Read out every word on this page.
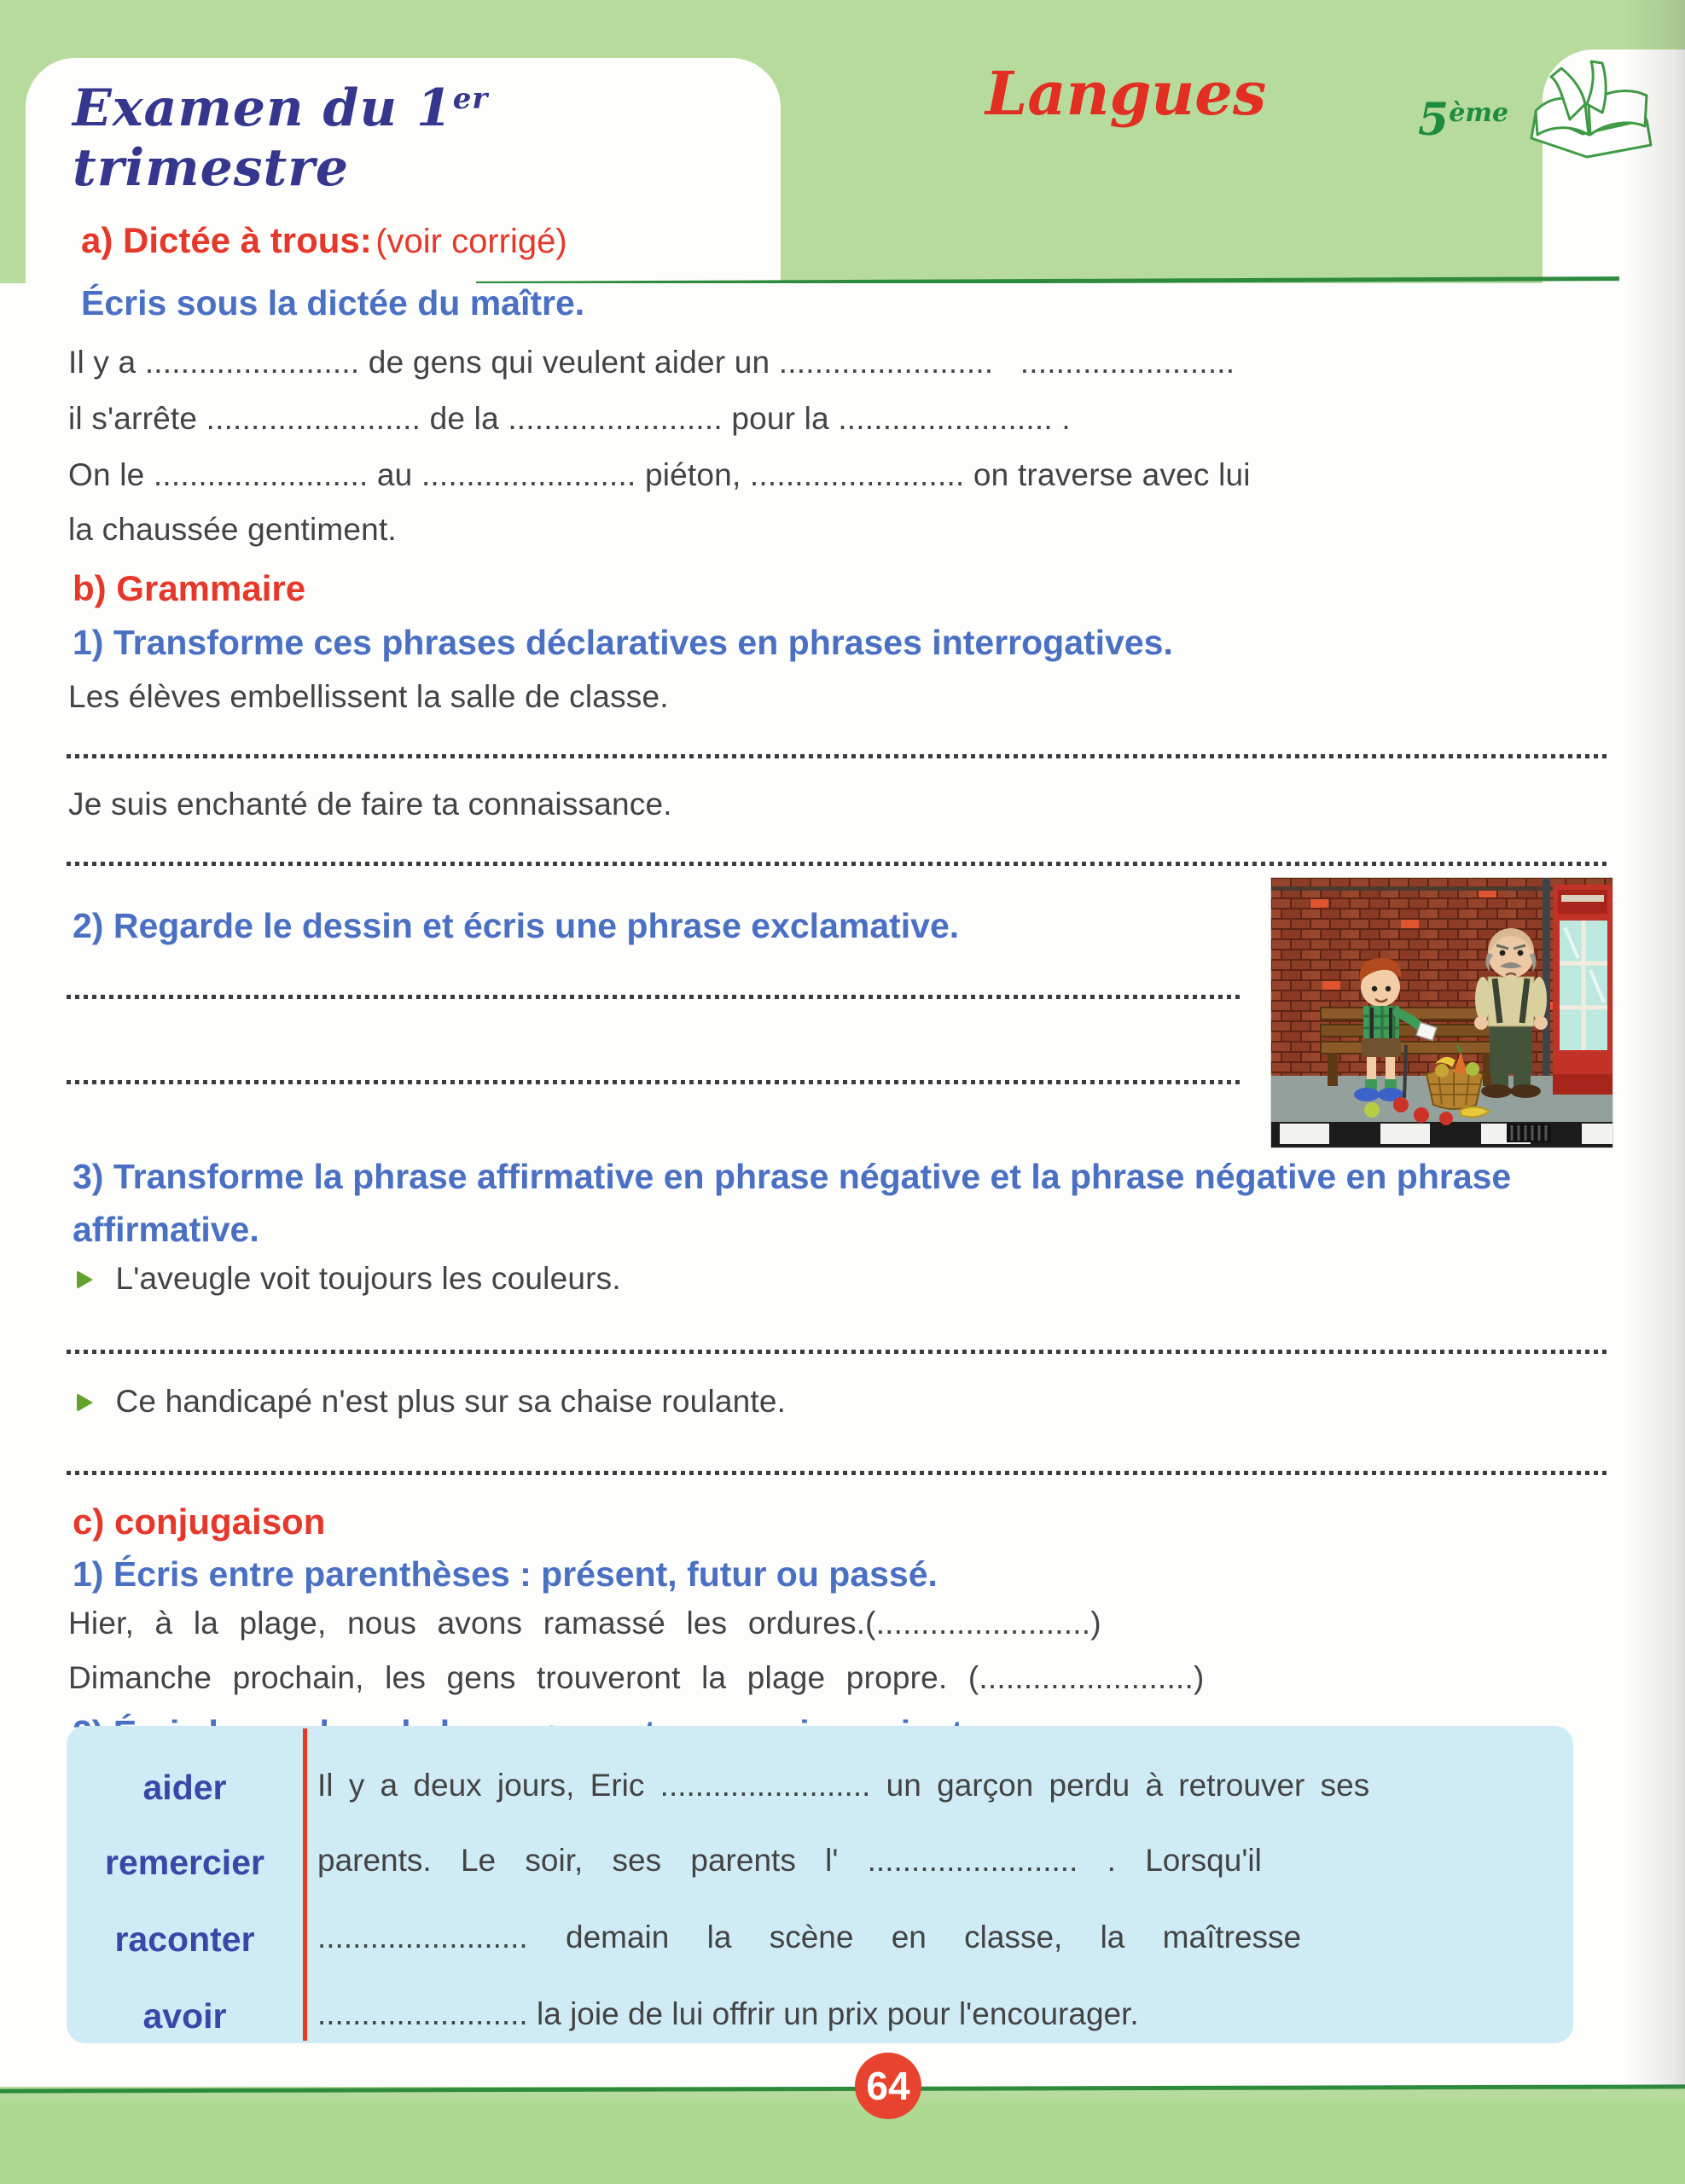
Examen du 1er trimestre
Langues	5ème
a) Dictée à trous: (voir corrigé)
Écris sous la dictée du maître.
Il y a ........................ de gens qui veulent aider un ........................   ........................
il s'arrête ........................ de la ........................ pour la ........................ .
On le ........................ au ........................ piéton, ........................ on traverse avec lui
la chaussée gentiment.
b) Grammaire
1) Transforme ces phrases déclaratives en phrases interrogatives.
Les élèves embellissent la salle de classe.
Je suis enchanté de faire ta connaissance.
2) Regarde le dessin et écris une phrase exclamative.
3) Transforme la phrase affirmative en phrase négative et la phrase négative en phrase affirmative.
L'aveugle voit toujours les couleurs.
Ce handicapé n'est plus sur sa chaise roulante.
c) conjugaison
1) Écris entre parenthèses : présent, futur ou passé.
Hier, à la plage, nous avons ramassé les ordures.(........................)
Dimanche prochain, les gens trouveront la plage propre. (........................)
aider
remercier
raconter
avoir
Il y a deux jours, Eric ........................ un garçon perdu à retrouver ses
parents. Le soir, ses parents l' ........................ . Lorsqu'il
........................ demain la scène en classe, la maîtresse
........................ la joie de lui offrir un prix pour l'encourager.
64
